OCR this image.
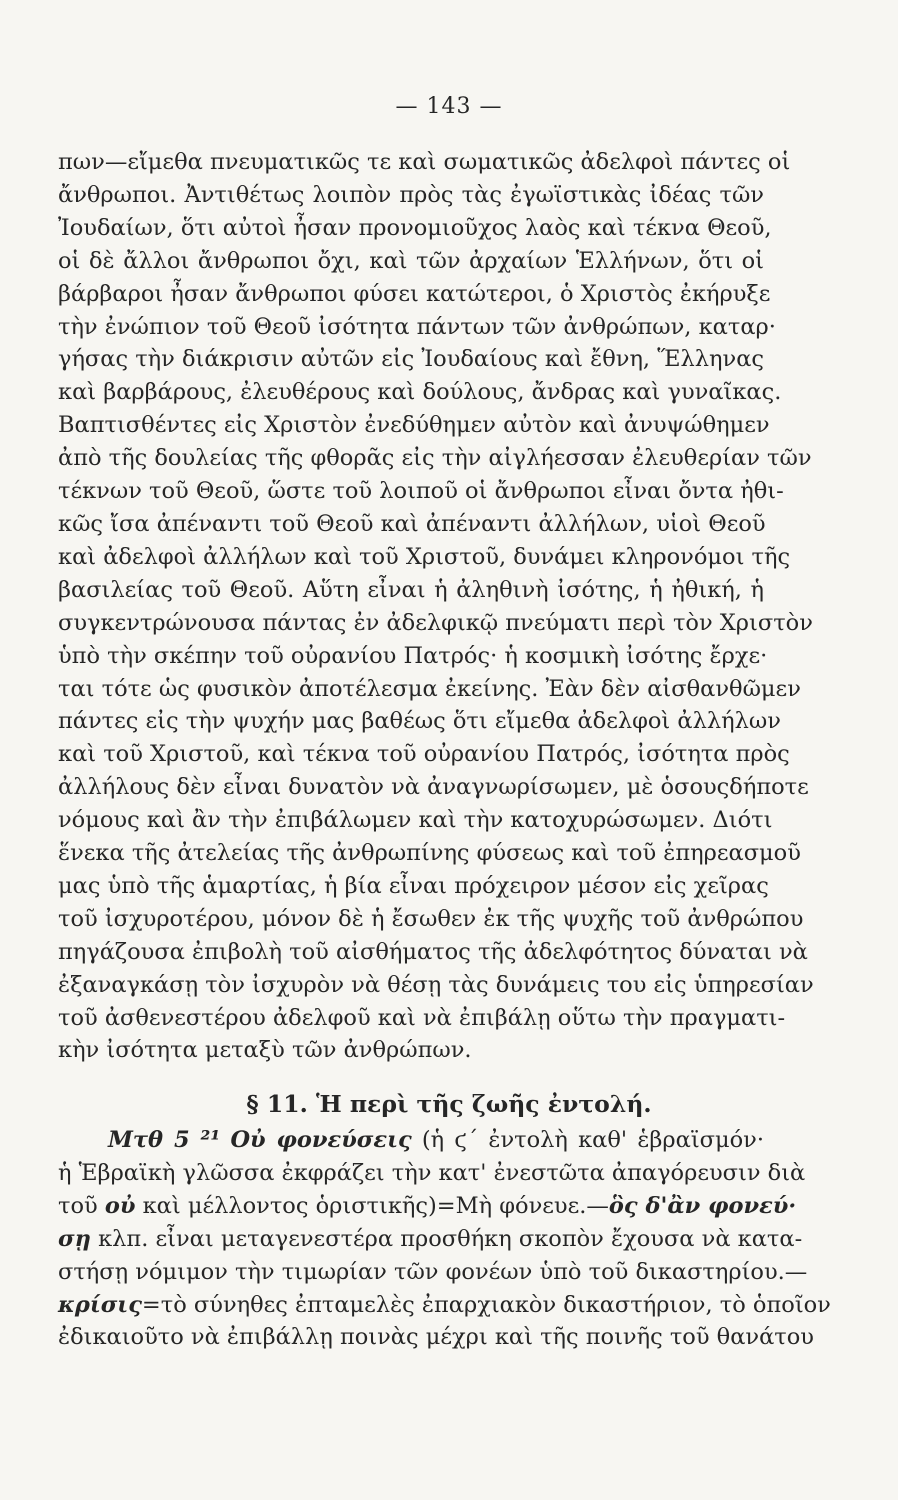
— 143 —
πων—εἴμεθα πνευματικῶς τε καὶ σωματικῶς ἀδελφοὶ πάντες οἱ
ἄνθρωποι. Ἀντιθέτως λοιπὸν πρὸς τὰς ἐγωϊστικὰς ἰδέας τῶν
Ἰουδαίων, ὅτι αὐτοὶ ἦσαν προνομιοῦχος λαὸς καὶ τέκνα Θεοῦ,
οἱ δὲ ἄλλοι ἄνθρωποι ὄχι, καὶ τῶν ἀρχαίων Ἑλλήνων, ὅτι οἱ
βάρβαροι ἦσαν ἄνθρωποι φύσει κατώτεροι, ὁ Χριστὸς ἐκήρυξε
τὴν ἐνώπιον τοῦ Θεοῦ ἰσότητα πάντων τῶν ἀνθρώπων, καταρ·
γήσας τὴν διάκρισιν αὐτῶν εἰς Ἰουδαίους καὶ ἔθνη, Ἕλληνας
καὶ βαρβάρους, ἐλευθέρους καὶ δούλους, ἄνδρας καὶ γυναῖκας.
Βαπτισθέντες εἰς Χριστὸν ἐνεδύθημεν αὐτὸν καὶ ἀνυψώθημεν
ἀπὸ τῆς δουλείας τῆς φθορᾶς εἰς τὴν αἰγλήεσσαν ἐλευθερίαν τῶν
τέκνων τοῦ Θεοῦ, ὥστε τοῦ λοιποῦ οἱ ἄνθρωποι εἶναι ὄντα ἠθι-
κῶς ἴσα ἀπέναντι τοῦ Θεοῦ καὶ ἀπέναντι ἀλλήλων, υἱοὶ Θεοῦ
καὶ ἀδελφοὶ ἀλλήλων καὶ τοῦ Χριστοῦ, δυνάμει κληρονόμοι τῆς
βασιλείας τοῦ Θεοῦ. Αὕτη εἶναι ἡ ἀληθινὴ ἰσότης, ἡ ἠθική, ἡ
συγκεντρώνουσα πάντας ἐν ἀδελφικῷ πνεύματι περὶ τὸν Χριστὸν
ὑπὸ τὴν σκέπην τοῦ οὐρανίου Πατρός· ἡ κοσμικὴ ἰσότης ἔρχε·
ται τότε ὡς φυσικὸν ἀποτέλεσμα ἐκείνης. Ἐὰν δὲν αἰσθανθῶμεν
πάντες εἰς τὴν ψυχήν μας βαθέως ὅτι εἴμεθα ἀδελφοὶ ἀλλήλων
καὶ τοῦ Χριστοῦ, καὶ τέκνα τοῦ οὐρανίου Πατρός, ἰσότητα πρὸς
ἀλλήλους δὲν εἶναι δυνατὸν νὰ ἀναγνωρίσωμεν, μὲ ὁσουςδήποτε
νόμους καὶ ἂν τὴν ἐπιβάλωμεν καὶ τὴν κατοχυρώσωμεν. Διότι
ἕνεκα τῆς ἀτελείας τῆς ἀνθρωπίνης φύσεως καὶ τοῦ ἐπηρεασμοῦ
μας ὑπὸ τῆς ἁμαρτίας, ἡ βία εἶναι πρόχειρον μέσον εἰς χεῖρας
τοῦ ἰσχυροτέρου, μόνον δὲ ἡ ἔσωθεν ἐκ τῆς ψυχῆς τοῦ ἀνθρώπου
πηγάζουσα ἐπιβολὴ τοῦ αἰσθήματος τῆς ἀδελφότητος δύναται νὰ
ἐξαναγκάσῃ τὸν ἰσχυρὸν νὰ θέσῃ τὰς δυνάμεις του εἰς ὑπηρεσίαν
τοῦ ἀσθενεστέρου ἀδελφοῦ καὶ νὰ ἐπιβάλῃ οὕτω τὴν πραγματι-
κὴν ἰσότητα μεταξὺ τῶν ἀνθρώπων.
§ 11. Ἡ περὶ τῆς ζωῆς ἐντολή.
Μτθ 5 ²¹ Οὐ φονεύσεις (ἡ ϛ΄ ἐντολὴ καθ' ἑβραϊσμόν·
ἡ Ἑβραϊκὴ γλῶσσα ἐκφράζει τὴν κατ' ἐνεστῶτα ἀπαγόρευσιν διὰ
τοῦ οὐ καὶ μέλλοντος ὁριστικῆς)=Μὴ φόνευε.—ὃς δ'ἂν φονεύ·
σῃ κλπ. εἶναι μεταγενεστέρα προσθήκη σκοπὸν ἔχουσα νὰ κατα-
στήσῃ νόμιμον τὴν τιμωρίαν τῶν φονέων ὑπὸ τοῦ δικαστηρίου.—
κρίσις=τὸ σύνηθες ἐπταμελὲς ἐπαρχιακὸν δικαστήριον, τὸ ὁποῖον
ἐδικαιοῦτο νὰ ἐπιβάλλῃ ποινὰς μέχρι καὶ τῆς ποινῆς τοῦ θανάτου
